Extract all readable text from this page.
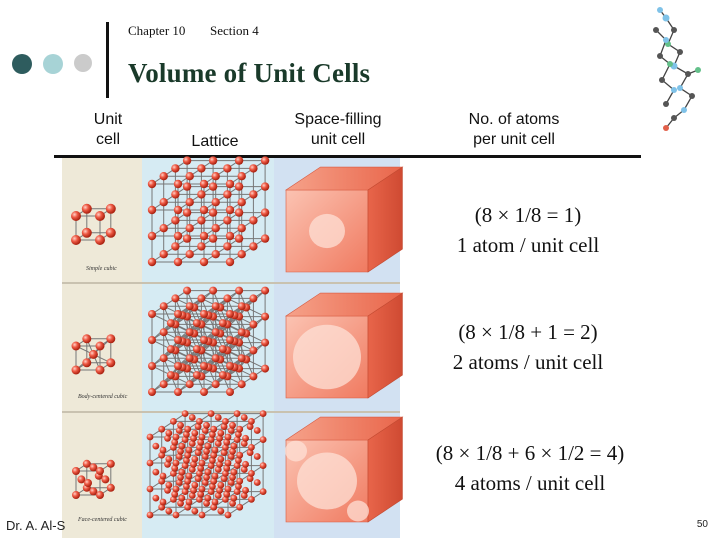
Chapter 10 Section 4
Volume of Unit Cells
Unit
cell	Lattice
Space-filling
unit cell
No. of atoms
per unit cell
Simple cubic
Body-centered cubic
Face-centered cubic
(8 × 1/8 = 1)
1 atom / unit cell
(8 × 1/8 + 1 = 2)
2 atoms / unit cell
(8 × 1/8 + 6 × 1/2 = 4)
4 atoms / unit cell
Dr. A. Al-S	50
